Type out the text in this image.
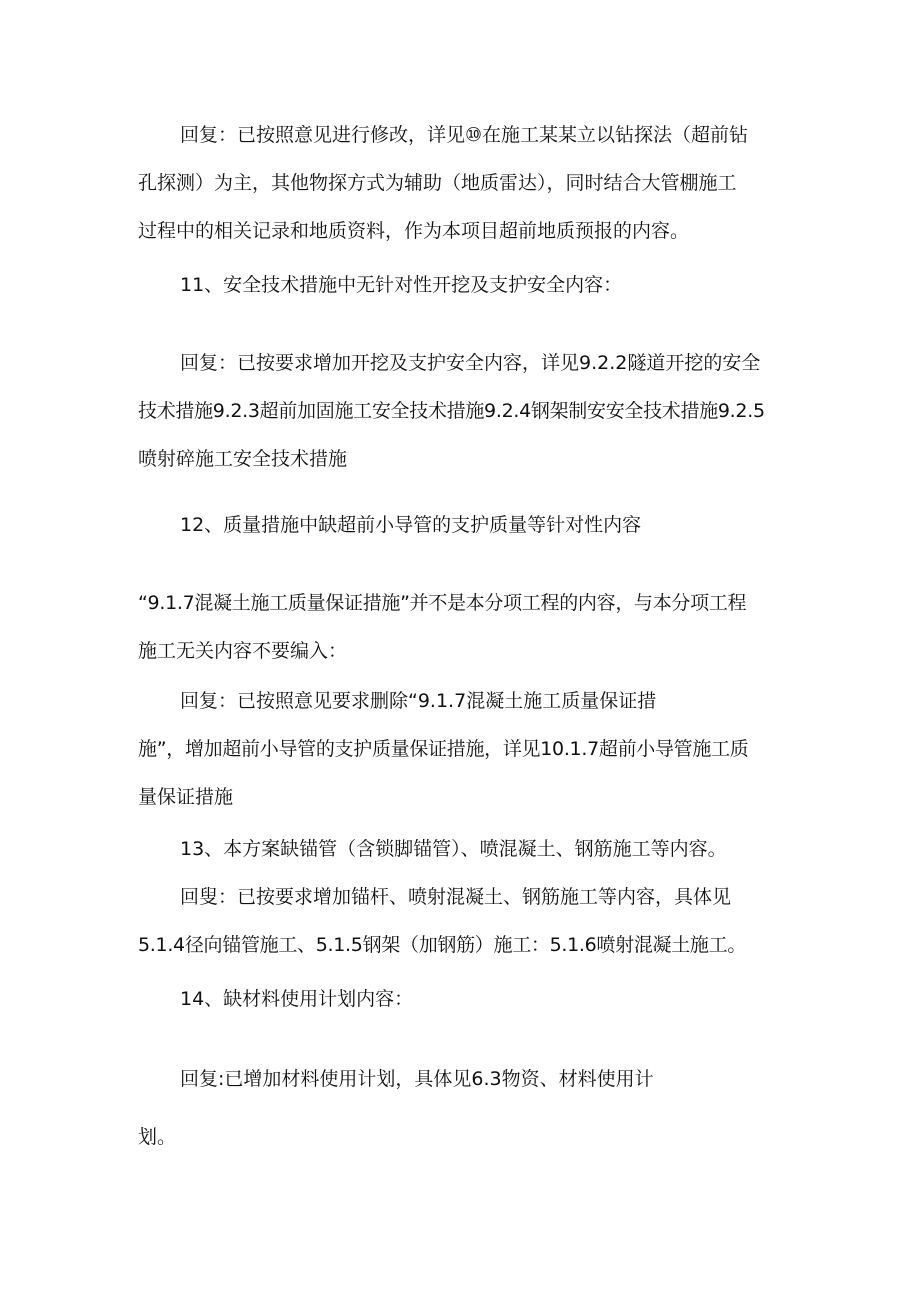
回复：已按照意见进行修改，详见⑩在施工某某立以钻探法（超前钻

孔探测）为主，其他物探方式为辅助（地质雷达），同时结合大管棚施工

过程中的相关记录和地质资料，作为本项目超前地质预报的内容。

11、安全技术措施中无针对性开挖及支护安全内容：

回复：已按要求增加开挖及支护安全内容，详见9.2.2隧道开挖的安全

技术措施9.2.3超前加固施工安全技术措施9.2.4钢架制安安全技术措施9.2.5

喷射碎施工安全技术措施

12、质量措施中缺超前小导管的支护质量等针对性内容

“9.1.7混凝土施工质量保证措施”并不是本分项工程的内容，与本分项工程

施工无关内容不要编入：

回复：已按照意见要求删除“9.1.7混凝土施工质量保证措

施”，增加超前小导管的支护质量保证措施，详见10.1.7超前小导管施工质

量保证措施

13、本方案缺锚管（含锁脚锚管）、喷混凝土、钢筋施工等内容。

回叟：已按要求增加锚杆、喷射混凝土、钢筋施工等内容，具体见

5.1.4径向锚管施工、5.1.5钢架（加钢筋）施工：5.1.6喷射混凝土施工。

14、缺材料使用计划内容：

回复:已增加材料使用计划，具体见6.3物资、材料使用计

划。
